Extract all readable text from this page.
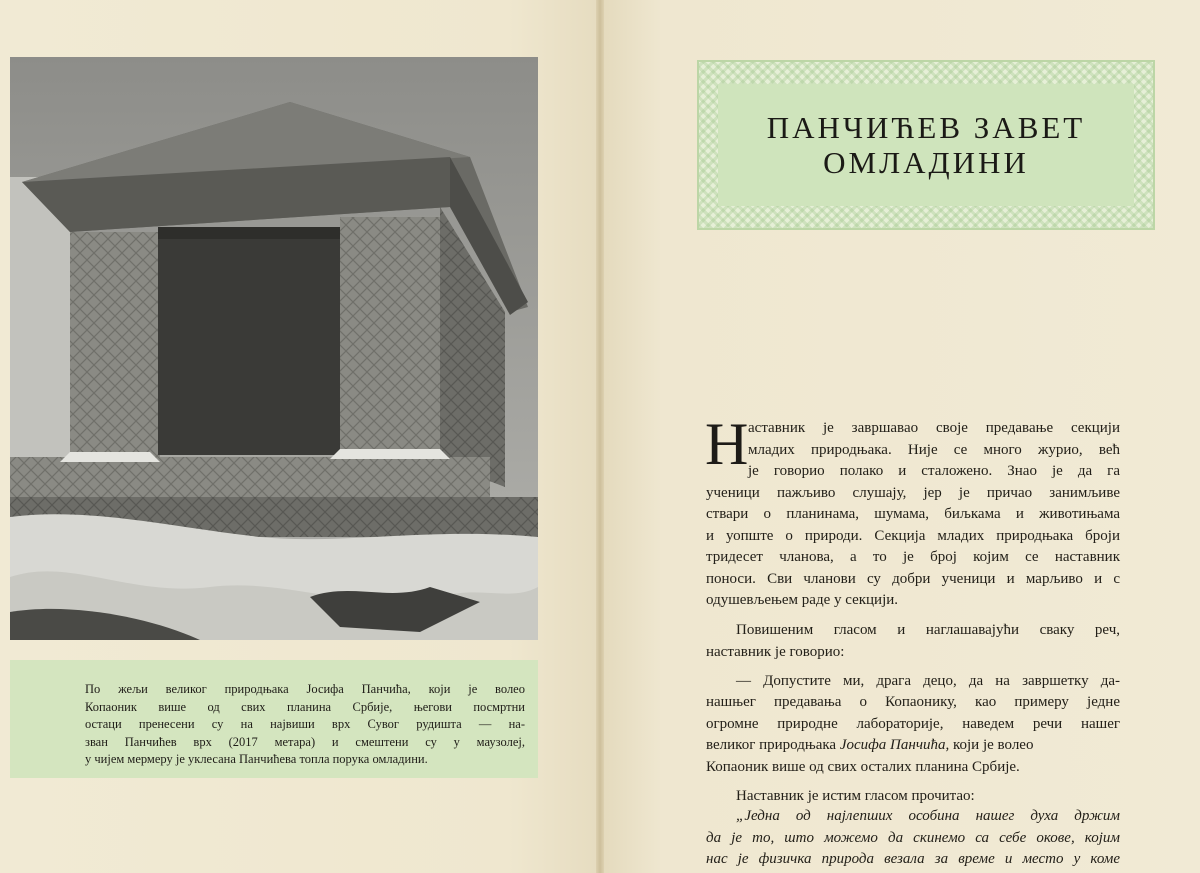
По жељи великог природњака Јосифа Панчића, који је волео
Копаоник више од свих планина Србије, његови посмртни
остаци пренесени су на највиши врх Сувог рудишта — на-
зван Панчићев врх (2017 метара) и смештени су у маузолеј,
у чијем мермеру је уклесана Панчићева топла порука омладини.
ПАНЧИЋЕВ ЗАВЕТ
ОМЛАДИНИ
Н аставник је завршавао своје предавање секцији
младих природњака. Није се много журио, већ
је говорио полако и сталожено. Знао је да га
ученици пажљиво слушају, јер је причао занимљиве
ствари о планинама, шумама, биљкама и животињама
и уопште о природи. Секција младих природњака броји
тридесет чланова, а то је број којим се наставник
поноси. Сви чланови су добри ученици и марљиво и с
одушевљењем раде у секцији.
Повишеним гласом и наглашавајући сваку реч,
наставник је говорио:
— Допустите ми, драга децо, да на завршетку да-
нашњег предавања о Копаонику, као примеру једне
огромне природне лабораторије, наведем речи нашег
великог природњака Јосифа Панчића, који је волео
Копаоник више од свих осталих планина Србије.
Наставник је истим гласом прочитао:
„Једна од најлепших особина нашег духа држим
да је то, што можемо да скинемо са себе окове, којим
нас је физичка природа везала за време и место у коме
